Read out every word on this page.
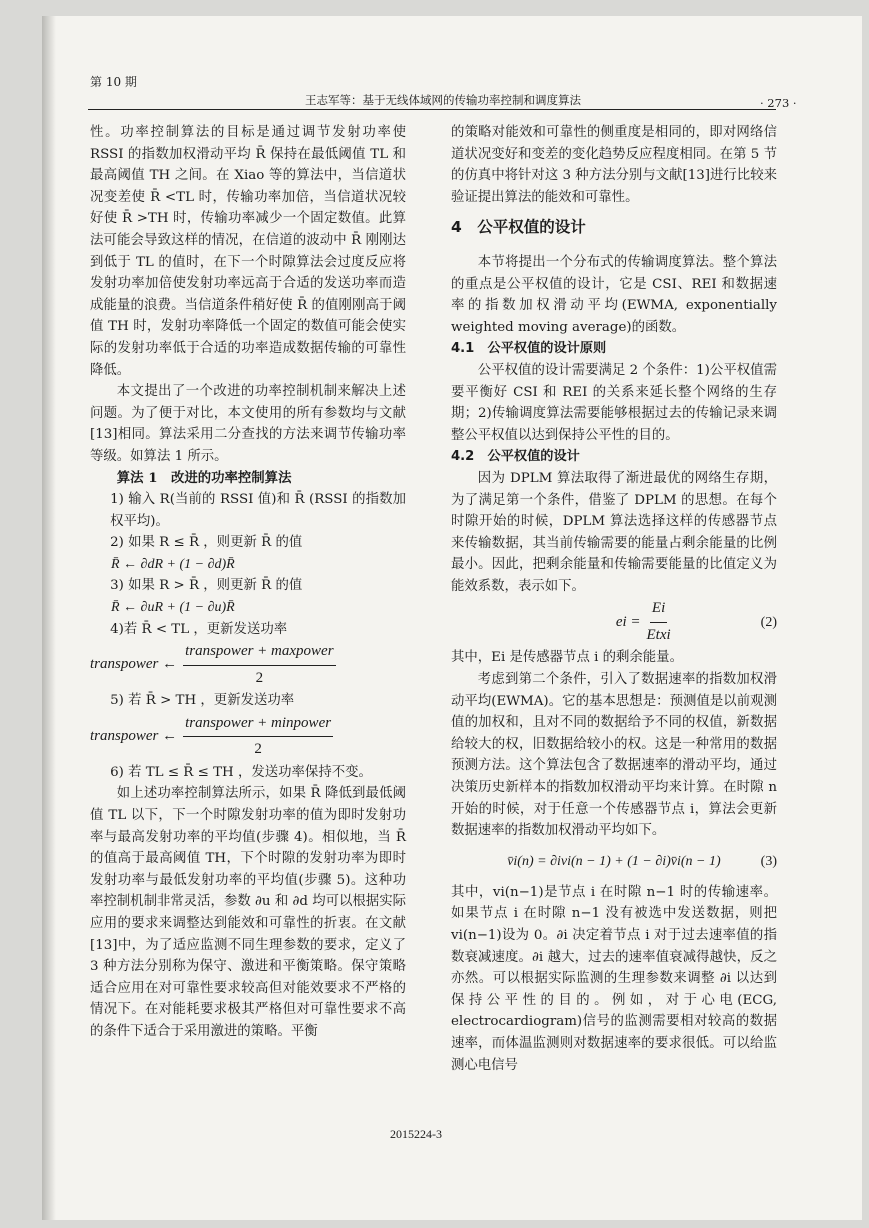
第 10 期
王志军等：基于无线体域网的传输功率控制和调度算法	· 273 ·

性。功率控制算法的目标是通过调节发射功率使 RSSI 的指数加权滑动平均 R̄ 保持在最低阈值 TL 和最高阈值 TH 之间。在 Xiao 等的算法中，当信道状况变差使 R̄ <TL 时，传输功率加倍，当信道状况较好使 R̄ >TH 时，传输功率减少一个固定数值。此算法可能会导致这样的情况，在信道的波动中 R̄ 刚刚达到低于 TL 的值时，在下一个时隙算法会过度反应将发射功率加倍使发射功率远高于合适的发送功率而造成能量的浪费。当信道条件稍好使 R̄ 的值刚刚高于阈值 TH 时，发射功率降低一个固定的数值可能会使实际的发射功率低于合适的功率造成数据传输的可靠性降低。

本文提出了一个改进的功率控制机制来解决上述问题。为了便于对比，本文使用的所有参数均与文献[13]相同。算法采用二分查找的方法来调节传输功率等级。如算法 1 所示。

算法 1　改进的功率控制算法

1) 输入 R(当前的 RSSI 值)和 R̄ (RSSI 的指数加权平均)。

2) 如果 R ≤ R̄ ，则更新 R̄ 的值

R̄ ← ∂dR + (1 − ∂d)R̄

3) 如果 R > R̄ ，则更新 R̄ 的值

R̄ ← ∂uR + (1 − ∂u)R̄

4)若 R̄ < TL ，更新发送功率

transpower ← $\frac{\text{transpower + maxpower}}{2}$

5) 若 R̄ > TH ，更新发送功率

transpower ← $\frac{\text{transpower + minpower}}{2}$

6) 若 TL ≤ R̄ ≤ TH ，发送功率保持不变。

如上述功率控制算法所示，如果 R̄ 降低到最低阈值 TL 以下，下一个时隙发射功率的值为即时发射功率与最高发射功率的平均值(步骤 4)。相似地，当 R̄ 的值高于最高阈值 TH，下个时隙的发射功率为即时发射功率与最低发射功率的平均值(步骤 5)。这种功率控制机制非常灵活，参数 ∂u 和 ∂d 均可以根据实际应用的要求来调整达到能效和可靠性的折衷。在文献[13]中，为了适应监测不同生理参数的要求，定义了 3 种方法分别称为保守、激进和平衡策略。保守策略适合应用在对可靠性要求较高但对能效要求不严格的情况下。在对能耗要求极其严格但对可靠性要求不高的条件下适合于采用激进的策略。平衡

的策略对能效和可靠性的侧重度是相同的，即对网络信道状况变好和变差的变化趋势反应程度相同。在第 5 节的仿真中将针对这 3 种方法分别与文献[13]进行比较来验证提出算法的能效和可靠性。

4　公平权值的设计

本节将提出一个分布式的传输调度算法。整个算法的重点是公平权值的设计，它是 CSI、REI 和数据速率的指数加权滑动平均(EWMA, exponentially weighted moving average)的函数。

4.1　公平权值的设计原则

公平权值的设计需要满足 2 个条件：1)公平权值需要平衡好 CSI 和 REI 的关系来延长整个网络的生存期；2)传输调度算法需要能够根据过去的传输记录来调整公平权值以达到保持公平性的目的。

4.2　公平权值的设计

因为 DPLM 算法取得了渐进最优的网络生存期，为了满足第一个条件，借鉴了 DPLM 的思想。在每个时隙开始的时候，DPLM 算法选择这样的传感器节点来传输数据，其当前传输需要的能量占剩余能量的比例最小。因此，把剩余能量和传输需要能量的比值定义为能效系数，表示如下。

ei = $\frac{Ei}{\text{Etxi}}$	(2)

其中，Ei 是传感器节点 i 的剩余能量。

考虑到第二个条件，引入了数据速率的指数加权滑动平均(EWMA)。它的基本思想是：预测值是以前观测值的加权和，且对不同的数据给予不同的权值，新数据给较大的权，旧数据给较小的权。这是一种常用的数据预测方法。这个算法包含了数据速率的滑动平均，通过决策历史新样本的指数加权滑动平均来计算。在时隙 n 开始的时候，对于任意一个传感器节点 i，算法会更新数据速率的指数加权滑动平均如下。

v̄i(n) = ∂ivi(n − 1) + (1 − ∂i)v̄i(n − 1)	(3)

其中，vi(n−1)是节点 i 在时隙 n−1 时的传输速率。如果节点 i 在时隙 n−1 没有被选中发送数据，则把 vi(n−1)设为 0。∂i 决定着节点 i 对于过去速率值的指数衰减速度。∂i 越大，过去的速率值衰减得越快，反之亦然。可以根据实际监测的生理参数来调整 ∂i 以达到保持公平性的目的。例如，对于心电(ECG, electrocardiogram)信号的监测需要相对较高的数据速率，而体温监测则对数据速率的要求很低。可以给监测心电信号

2015224-3
